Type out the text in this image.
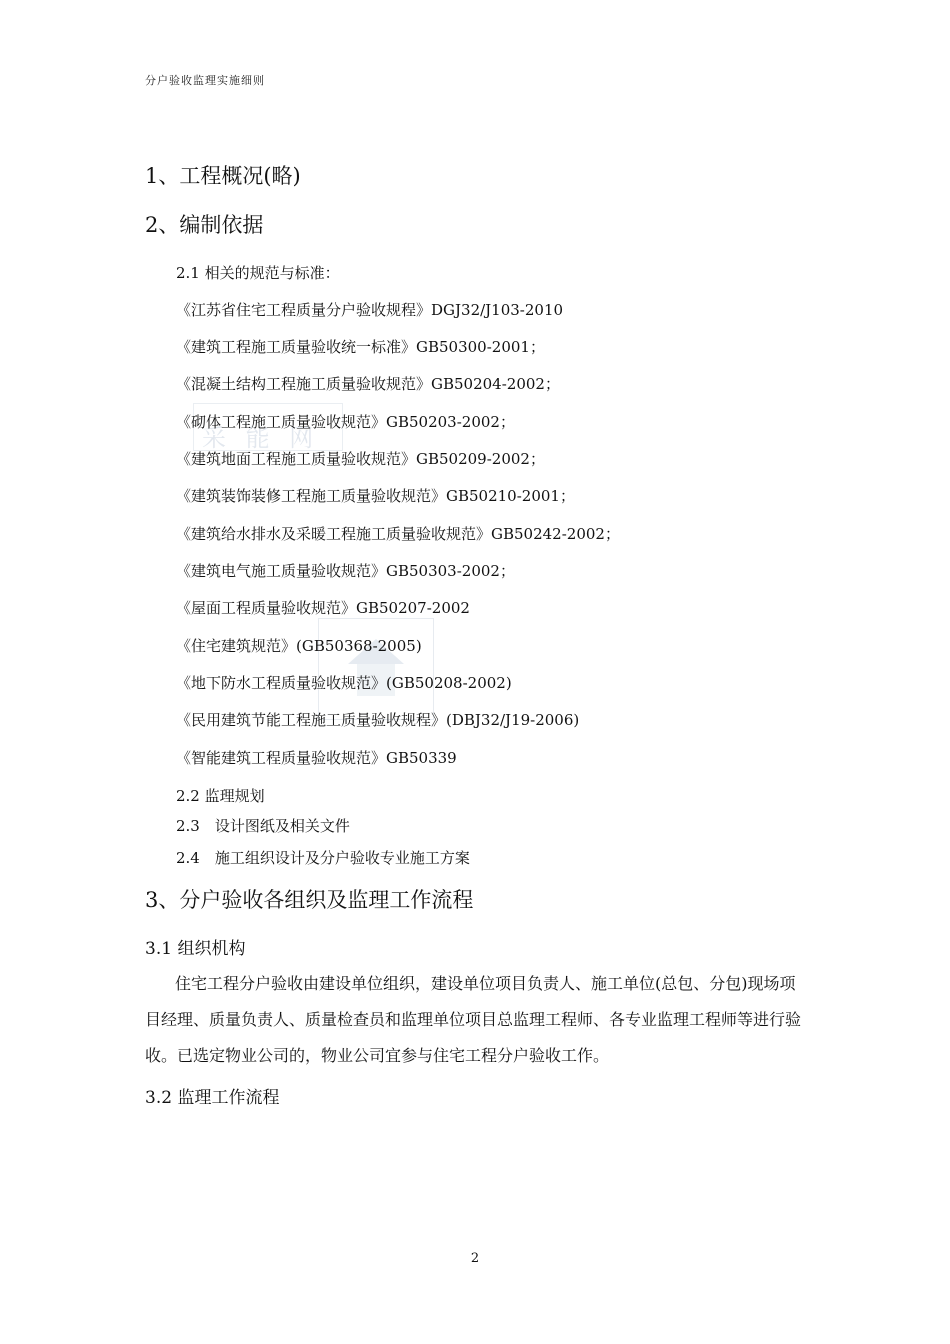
分户验收监理实施细则
采 能 网
1、工程概况(略)
2、编制依据
2.1 相关的规范与标准：
《江苏省住宅工程质量分户验收规程》DGJ32/J103-2010
《建筑工程施工质量验收统一标准》GB50300-2001；
《混凝土结构工程施工质量验收规范》GB50204-2002；
《砌体工程施工质量验收规范》GB50203-2002；
《建筑地面工程施工质量验收规范》GB50209-2002；
《建筑装饰装修工程施工质量验收规范》GB50210-2001；
《建筑给水排水及采暖工程施工质量验收规范》GB50242-2002；
《建筑电气施工质量验收规范》GB50303-2002；
《屋面工程质量验收规范》GB50207-2002
《住宅建筑规范》(GB50368-2005)
《地下防水工程质量验收规范》(GB50208-2002)
《民用建筑节能工程施工质量验收规程》(DBJ32/J19-2006)
《智能建筑工程质量验收规范》GB50339
2.2 监理规划
2.3　设计图纸及相关文件
2.4　施工组织设计及分户验收专业施工方案
3、分户验收各组织及监理工作流程
3.1 组织机构
住宅工程分户验收由建设单位组织，建设单位项目负责人、施工单位(总包、分包)现场项目经理、质量负责人、质量检查员和监理单位项目总监理工程师、各专业监理工程师等进行验收。已选定物业公司的，物业公司宜参与住宅工程分户验收工作。
3.2 监理工作流程
2
